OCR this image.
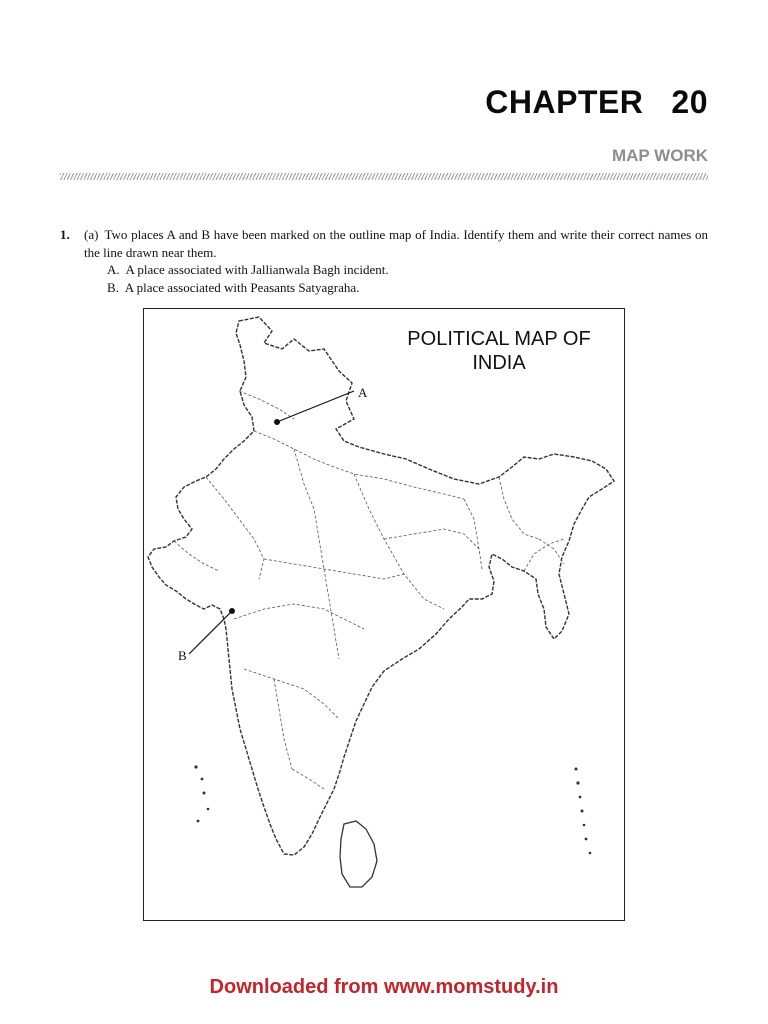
CHAPTER 20
MAP WORK
1. (a) Two places A and B have been marked on the outline map of India. Identify them and write their correct names on the line drawn near them.
A. A place associated with Jallianwala Bagh incident.
B. A place associated with Peasants Satyagraha.
POLITICAL MAP OF
INDIA
A
B
Downloaded from www.momstudy.in
